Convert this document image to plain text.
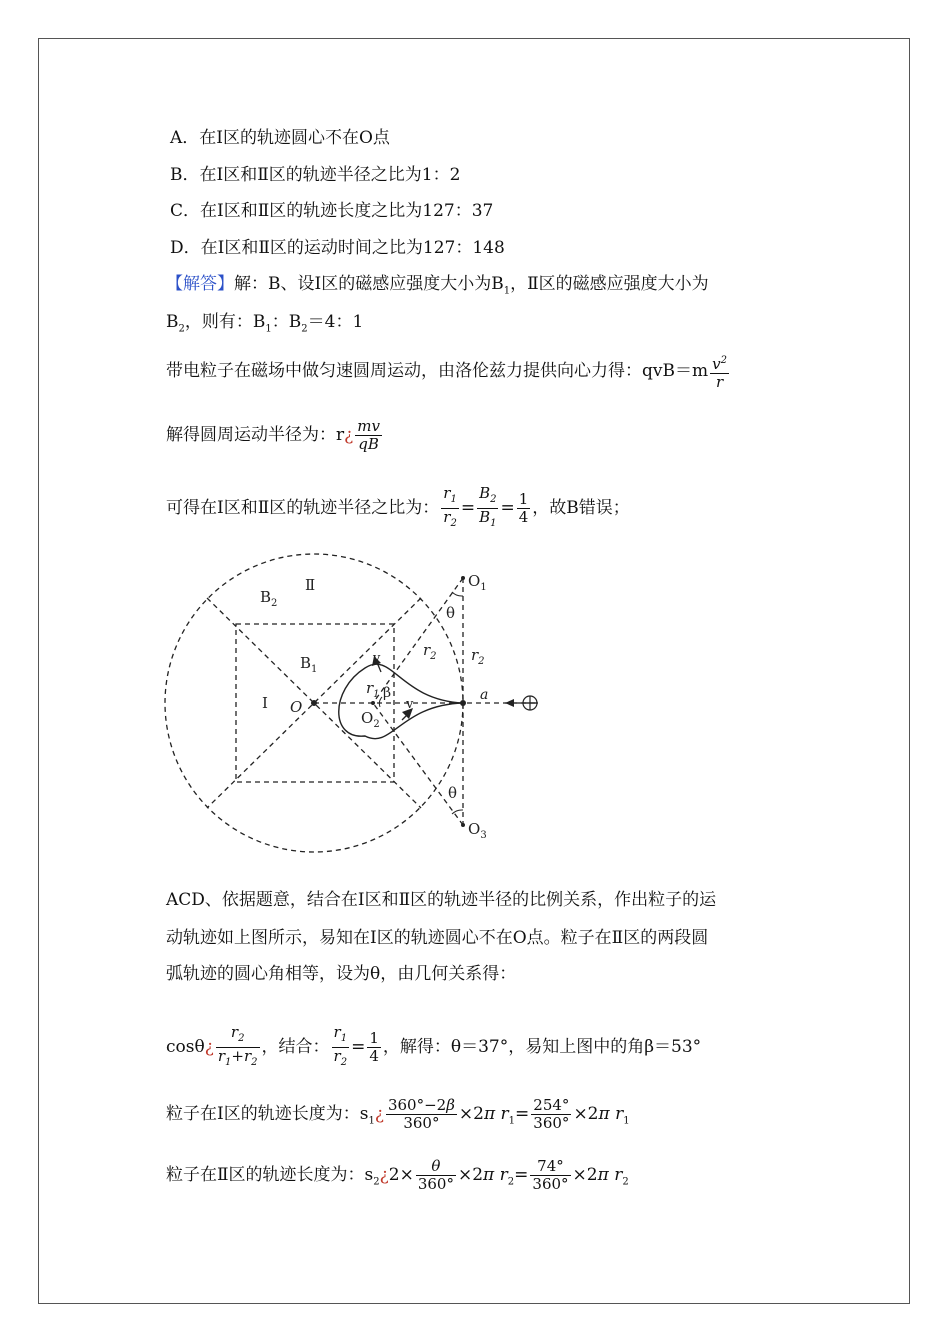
A．在Ⅰ区的轨迹圆心不在O点
B．在Ⅰ区和Ⅱ区的轨迹半径之比为1：2
C．在Ⅰ区和Ⅱ区的轨迹长度之比为127：37
D．在Ⅰ区和Ⅱ区的运动时间之比为127：148
【解答】解：B、设Ⅰ区的磁感应强度大小为$B_1$，Ⅱ区的磁感应强度大小为
$B_2$，则有：$B_1$：$B_2=4$：1
带电粒子在磁场中做匀速圆周运动，由洛伦兹力提供向心力得：$qvB=m \frac{v^2}{r}$
解得圆周运动半径为：r¿ $\frac{mv}{qB}$
可得在Ⅰ区和Ⅱ区的轨迹半径之比为： $\frac{r_1}{r_2} = \frac{B_2}{B_1} = \frac{1}{4}$ ，故B错误；
$B_2$
Ⅱ
$B_1$
Ⅰ O
$O_1$
θ
$r_2$ $r_2$
$r_1$ β
$O_2$
v
v
a
θ
$O_3$
ACD、依据题意，结合在Ⅰ区和Ⅱ区的轨迹半径的比例关系，作出粒子的运
动轨迹如上图所示，易知在Ⅰ区的轨迹圆心不在O点。粒子在Ⅱ区的两段圆
弧轨迹的圆心角相等，设为θ，由几何关系得：
cosθ¿ $\frac{r_2}{r_1+r_2}$ ，结合： $\frac{r_1}{r_2} = \frac{1}{4}$ ，解得：θ＝37°，易知上图中的角β＝53°
粒子在Ⅰ区的轨迹长度为：$s_1¿ \frac{360^\circ-2\beta}{360^\circ} \times 2\pi$ $r_1= \frac{254^\circ}{360^\circ} \times 2\pi$ $r_1$
粒子在Ⅱ区的轨迹长度为：$s_2¿2\times \frac{\theta}{360^\circ} \times 2\pi$ $r_2= \frac{74^\circ}{360^\circ} \times 2\pi$ $r_2$
